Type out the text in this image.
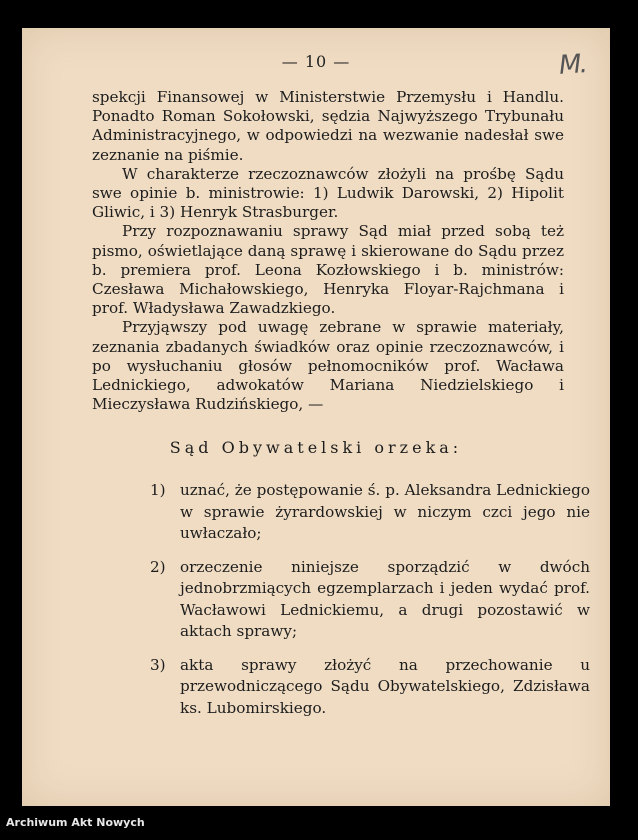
— 10 —	M.

spekcji Finansowej w Ministerstwie Przemysłu i Handlu. Ponadto Roman Sokołowski, sędzia Najwyższego Trybunału Administracyjnego, w odpowiedzi na wezwanie nadesłał swe zeznanie na piśmie.

W charakterze rzeczoznawców złożyli na prośbę Sądu swe opinie b. ministrowie: 1) Ludwik Darowski, 2) Hipolit Gliwic, i 3) Henryk Strasburger.

Przy rozpoznawaniu sprawy Sąd miał przed sobą też pismo, oświetlające daną sprawę i skierowane do Sądu przez b. premiera prof. Leona Kozłowskiego i b. ministrów: Czesława Michałowskiego, Henryka Floyar-Rajchmana i prof. Władysława Zawadzkiego.

Przyjąwszy pod uwagę zebrane w sprawie materiały, zeznania zbadanych świadków oraz opinie rzeczoznawców, i po wysłuchaniu głosów pełnomocników prof. Wacława Lednickiego, adwokatów Mariana Niedzielskiego i Mieczysława Rudzińskiego, —

Sąd Obywatelski orzeka:
1) uznać, że postępowanie ś. p. Aleksandra Lednickiego w sprawie żyrardowskiej w niczym czci jego nie uwłaczało;
2) orzeczenie niniejsze sporządzić w dwóch jednobrzmiących egzemplarzach i jeden wydać prof. Wacławowi Lednickiemu, a drugi pozostawić w aktach sprawy;
3) akta sprawy złożyć na przechowanie u przewodniczącego Sądu Obywatelskiego, Zdzisława ks. Lubomirskiego.
Archiwum Akt Nowych
